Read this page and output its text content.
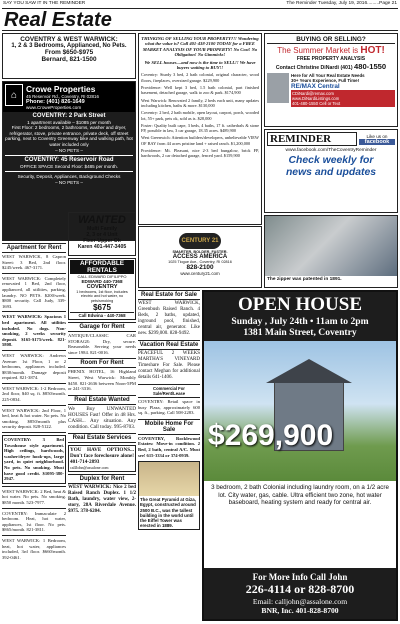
SAY YOU SAW IT IN THE REMINDER	The Reminder Tuesday, July 19, 2016.........Page 21
Real Estate
COVENTRY & WEST WARWICK:
1, 2 & 3 Bedrooms, Applianced, No Pets.
From $650-$975
Bernard, 821-1500
⌂
Crowe Properties
45 Reservoir Rd., Coventry, RI 02816
Phone: (401) 826-1649
www.CroweProperties.com
COVENTRY: 2 Park Street
1 apartment available – $1085 per month
First Floor: 2 bedrooms, 2 bathrooms, washer and dryer, refrigerator, stove, private entrance, private deck, off street parking, next to Coventry Greenway bike and walking path, hot water included only
– NO PETS –
COVENTRY: 45 Reservoir Road
OFFICE SPACE Second Floor: $485 per month.
Security, Deposit, Appliances, Background Checks
– NO PETS –
THINKING OF SELLING YOUR PROPERTY?!! Wondering what the value is? Call 401-438-2100 TODAY for a FREE MARKET ANALYSIS OF YOUR PROPERTY! No Cost! No Obligation! No Gimmicks!
We SELL houses....and now is the time to SELL!! We have buyers waiting to BUY!!
Coventry: Sturdy 3 bed, 2 bath colonial, original character, wood floors, fireplaces, oversized garage. $229,900
Providence: Well kept 3 bed, 1.5 bath colonial, part finished basement, detached garage, walk to zoo & park. $174,900
West Warwick: Renovated 2 family, 2 beds each unit, many updates including kitchen, baths & more. $130,000
Coventry: 2 bed, 2 bath mobile, open layout, carport, porch, wooded lot, 55+ park, pets ok, sold as is. $28,000
Foster: Quality built cape, 3 beds, 4 baths, 17 ft. cathedrals & stone FP, possible in law, 3 car garage, 18.35 acres. $489,900
West Greenwich: Attention builders/developers, unbelievable VIEW OF BAY from 44 acres pristine land + raised ranch. $1,200,000
Providence: Mt. Pleasant, nice 2-3 bed bungalow, brick FP, hardwoods, 2 car detached garage, fenced yard. $159,900
CENTURY 21
SMARTER. BOLDER. FASTER.
ACCESS AMERICA
1025 Tiogue Ave., Coventry, RI 02816
828-2100
www.century21.com
BUYING OR SELLING?
The Summer Market is HOT!
FREE PROPERTY ANALYSIS
Contact Christine DiNardi (401) 480-1550
Here for All Your Real Estate Needs
30+ Years Experience, Full Time!
RE/MAX Central
CDiNardi@remax.com
www.DiNardiListings.com
401-480-1550 Cell or Text
REMINDER	Like us on
facebook
www.facebook.com/TheCoventryReminder
Check weekly for
news and updates
The zipper was patented in 1891.
Apartment for Rent
WEST WARWICK, 8 Capron Street: 3 Bed, 2nd floor. $245/week. 467-3171.
WEST WARWICK: Completely renovated 1 Bed, 2nd floor, applianced, all utilities, parking, laundry. NO PETS. $200/week. $800 security. Call Judy, 339-1693.
WEST WARWICK: Spacious 1 bed apartment. All utilities included. No dogs. Non-smoking, 2 weeks security deposit. $165-$175/week. 821-5808.
WEST WARWICK: Andrews Avenue: 1st Floor, 1 or 2 bedrooms, appliances included. $830/month. Damage deposit required. 821-3874.
WEST WARWICK: 1-2 Bedroom, 2nd floor, $40 sq. ft. $850/month. 225-0834.
WEST WARWICK: 2nd Floor, 1 bed, heat & hot water. No pets. No smoking. $850/month plus security deposit. 828-5122.
COVENTRY: 3 Bed Townhouse style apartment. High ceilings, hardwoods, washer/dryer hook-ups, large yard, in quiet neighborhood. No pets. No smoking. Must have good credit. $1095-380-2947.
WEST WARWICK: 2 Bed, heat & hot water. No pets. No smoking. $850 month. 523-7977.
COVENTRY: Immaculate 2 bedroom. Heat, hot water, appliances, 1st floor. No pets. $865/month. 821-3811.
WEST WARWICK: 1 Bedroom, heat, hot water, appliances included, 3rd floor. $660/month. 392-0461.
WANTED
Multi Family
2, 3 or 4 Unit
Fixer-Upper Ok
Karen 401-447-3405
AFFORDABLE RENTALS
CALL EDWARD DIFILIPPO
EDWARD 440-7368
COVENTRY
1 bedrooms, 1st floor, includes electric and hot water, no pets/smoking
$675
Call Edwina - 440-7368
Garage for Rent
ANTIQUE/CLASSIC CAR STORAGE: Dry, secure. Reasonable. Serving your needs since 1984. 821-0016.
Room For Rent
PHENIX HOTEL, 16 Highland Street, West Warwick: Monthly $450. 821-2636 between Noon-5PM or 241-3316.
Real Estate Wanted
We Buy UNWANTED HOUSES Fast! Offer in 48 Hrs. CASH... Any situation. Any condition. Call today. 995-8703.
Real Estate Services
YOU HAVE OPTIONS... Don't face foreclosure alone! 401-714-2893
callJohn@assalone.com
Duplex for Rent
WEST WARWICK: Nice 2 bed Raised Ranch Duplex. 1 1/2 Bath, laundry, water view, 2-story, 28A Riverdale Avenue. $975. 378-6204.
Real Estate for Sale
WEST WARWICK, Greenbush Raised Ranch. 4 Beds, 2 baths, updated, inground pool, finished, central air, generator. Like new. $299,000. 828-9492.
Vacation Real Estate
PEACEFUL 2 WEEKS MARTHA'S VINEYARD Timeshare For Sale. Please contact Meghan for additional details 641-1406.
Commercial For Sale/Rent/Lease
COVENTRY: Retail space in busy Plaza, approximately 600 sq. ft., parking. Call 508-2283.
Mobile Home For Sale
COVENTRY, Rocklewood Estates: Move-in condition. 2 Bed, 2 bath, central A/C. Must see! 615-3334 or 374-0939.
The Great Pyramid at Giza, Egypt, constructed around 2500 B.C., was the tallest building in the world until the Eiffel Tower was erected in 1889.
OPEN HOUSE
Sunday , July 24th • 11am to 2pm
1381 Main Street, Coventry
$269,900
3 bedroom, 2 bath Colonial including laundry room, on a 1/2 acre lot. City water, gas, cable. Ultra efficient two zone, hot water baseboard, heating system and ready for central air.
For More Info Call John
226-4114 or 828-8700
Email: calljohn@assalone.com
BNR, Inc. 401-828-8700
